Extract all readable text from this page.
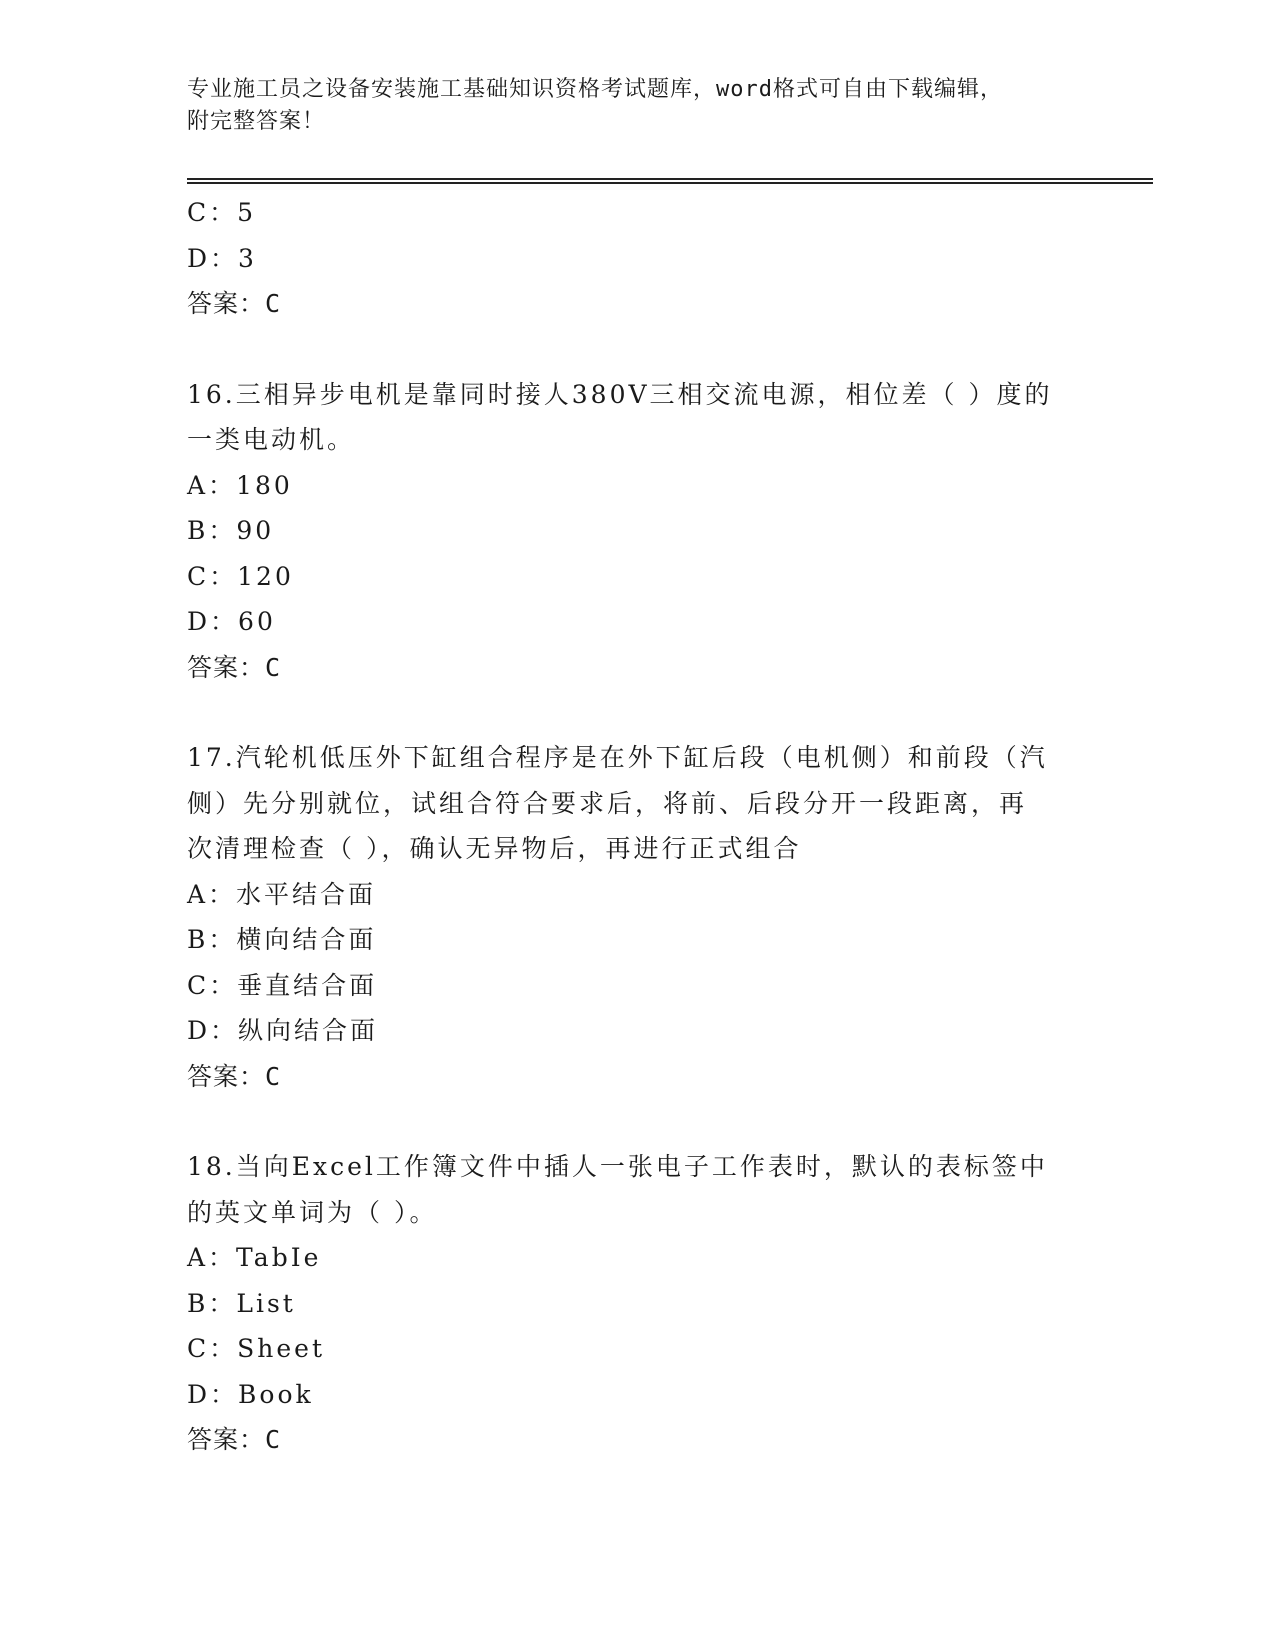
专业施工员之设备安装施工基础知识资格考试题库，word格式可自由下载编辑，
附完整答案！
C：5
D：3
答案：C
16.三相异步电机是靠同时接人380V三相交流电源，相位差（ ）度的
一类电动机。
A：180
B：90
C：120
D：60
答案：C
17.汽轮机低压外下缸组合程序是在外下缸后段（电机侧）和前段（汽
侧）先分别就位，试组合符合要求后，将前、后段分开一段距离，再
次清理检查（ ），确认无异物后，再进行正式组合
A：水平结合面
B：横向结合面
C：垂直结合面
D：纵向结合面
答案：C
18.当向Excel工作簿文件中插人一张电子工作表时，默认的表标签中
的英文单词为（ ）。
A：TabIe
B：List
C：Sheet
D：Book
答案：C
